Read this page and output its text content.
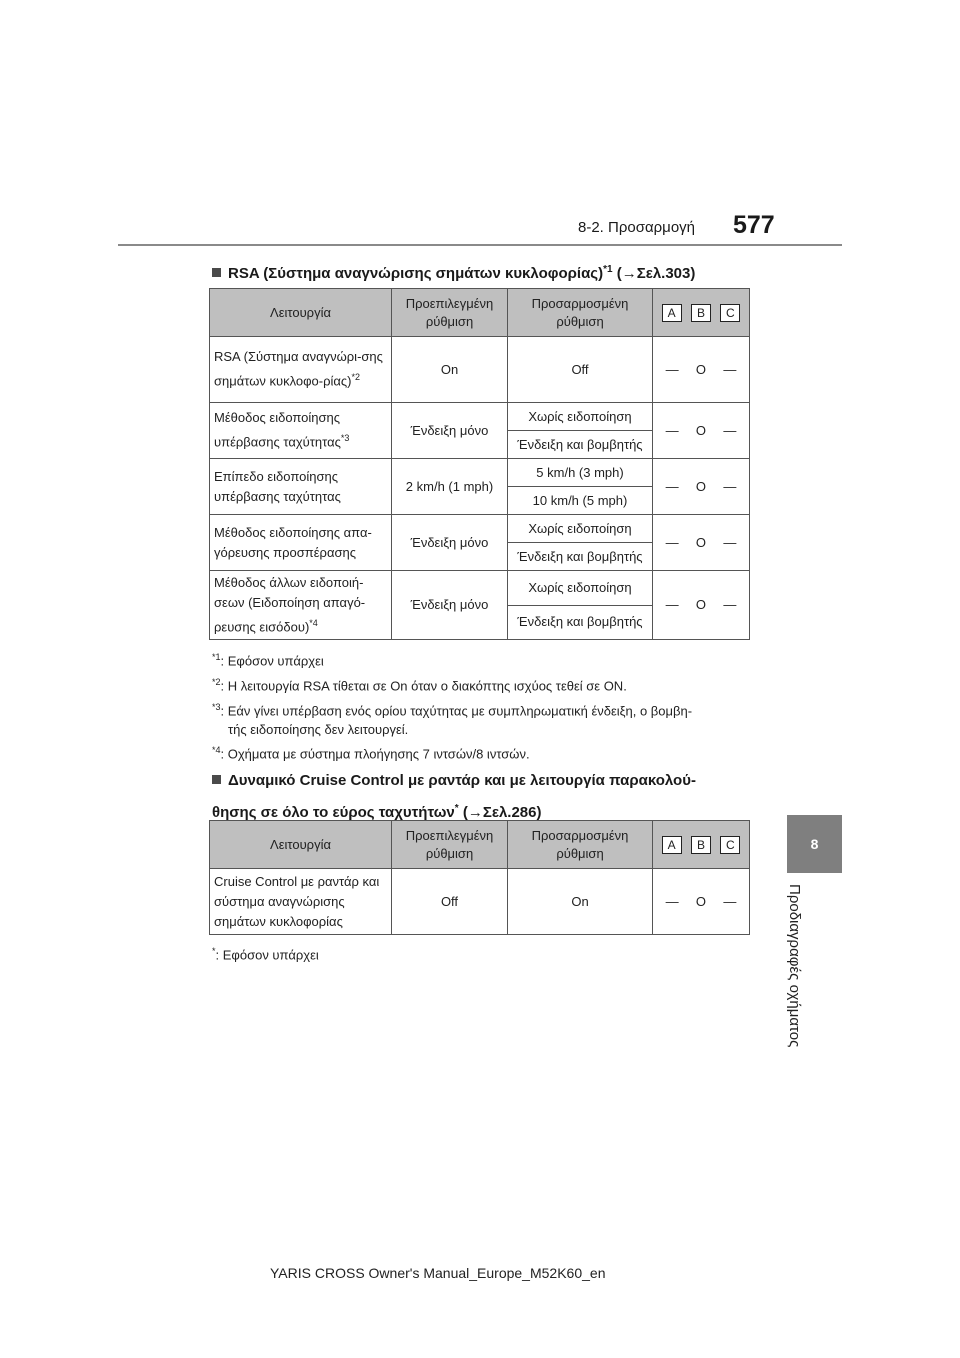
8-2. Προσαρμογή 577
8
Προδιαγραφές οχήματος
RSA (Σύστημα αναγνώρισης σημάτων κυκλοφορίας)$^{*1}$ (→Σελ.303)
Λειτουργία	Προεπιλεγμένη ρύθμιση	Προσαρμοσμένη ρύθμιση	A B C

RSA (Σύστημα αναγνώρι-σης σημάτων κυκλοφο-ρίας)$^{*2}$	On	Off	— O —

Μέθοδος ειδοποίησης υπέρβασης ταχύτητας$^{*3}$	Ένδειξη μόνο	Χωρίς ειδοποίηση	— O —

		Ένδειξη και βομβητής	
Επίπεδο ειδοποίησης υπέρβασης ταχύτητας	2 km/h (1 mph)	5 km/h (3 mph)	— O —

		10 km/h (5 mph)	
Μέθοδος ειδοποίησης απα-γόρευσης προσπέρασης	Ένδειξη μόνο	Χωρίς ειδοποίηση	— O —

		Ένδειξη και βομβητής	
Μέθοδος άλλων ειδοποιή-σεων (Ειδοποίηση απαγό-ρευσης εισόδου)$^{*4}$	Ένδειξη μόνο	Χωρίς ειδοποίηση	— O —

		Ένδειξη και βομβητής	
$^{*1}$: Εφόσον υπάρχει
$^{*2}$: Η λειτουργία RSA τίθεται σε On όταν ο διακόπτης ισχύος τεθεί σε ON.
$^{*3}$: Εάν γίνει υπέρβαση ενός ορίου ταχύτητας με συμπληρωματική ένδειξη, ο βομβη-
τής ειδοποίησης δεν λειτουργεί.
$^{*4}$: Οχήματα με σύστημα πλοήγησης 7 ιντσών/8 ιντσών.
Δυναμικό Cruise Control με ραντάρ και με λειτουργία παρακολού-
θησης σε όλο το εύρος ταχυτήτων* (→Σελ.286)
Λειτουργία	Προεπιλεγμένη ρύθμιση	Προσαρμοσμένη ρύθμιση	A B C

Cruise Control με ραντάρ και σύστημα αναγνώρισης σημάτων κυκλοφορίας	Off	On	— O —
*: Εφόσον υπάρχει
YARIS CROSS Owner's Manual_Europe_M52K60_en
